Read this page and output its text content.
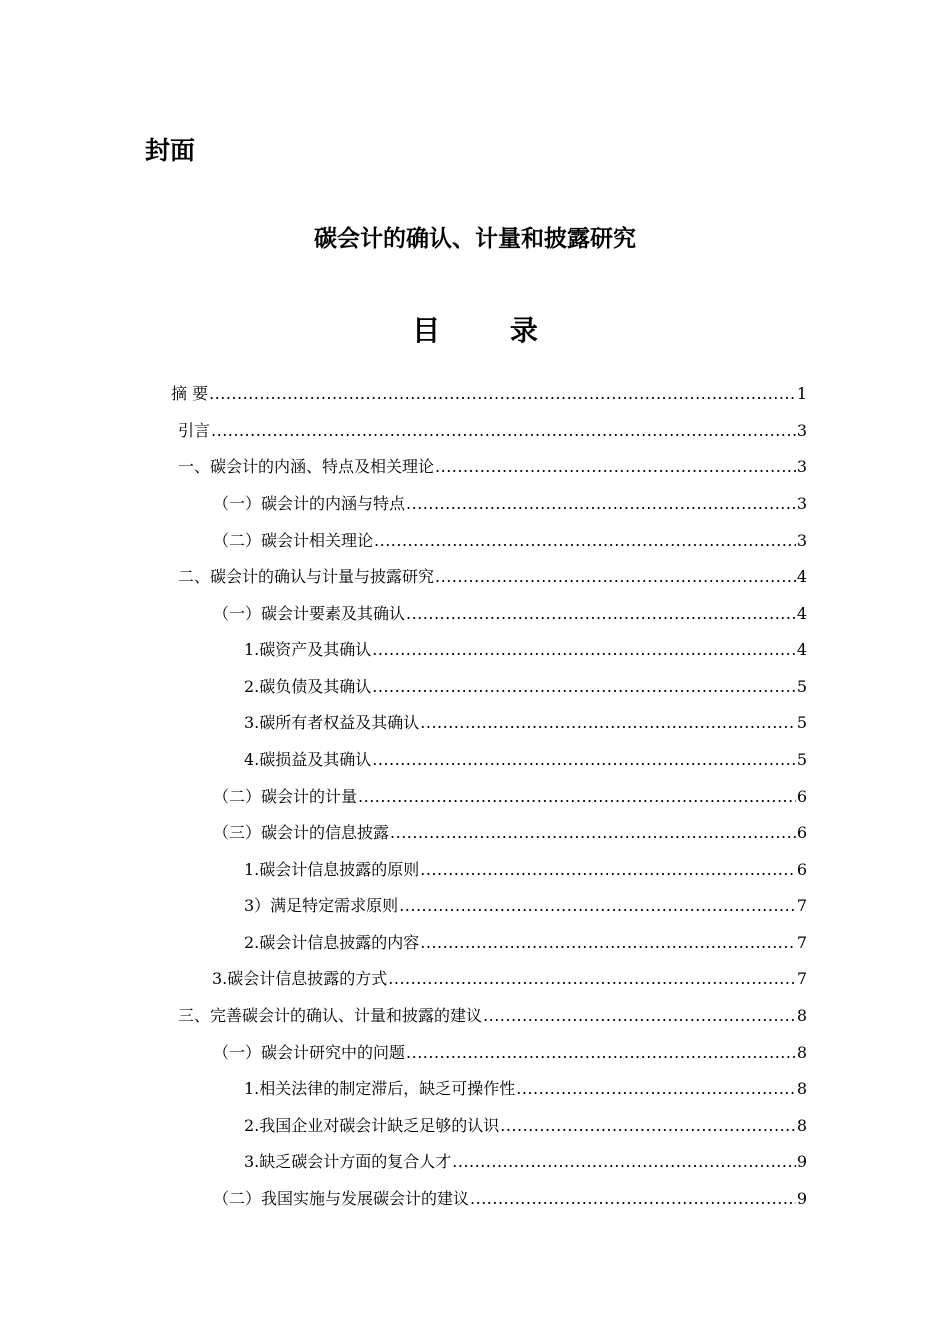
封面
碳会计的确认、计量和披露研究
目 录
摘 要 .....	1
引言 .....	3
一、碳会计的内涵、特点及相关理论 .....	3
（一）碳会计的内涵与特点 .....	3
（二）碳会计相关理论 .....	3
二、碳会计的确认与计量与披露研究 .....	4
（一）碳会计要素及其确认 .....	4
1.碳资产及其确认 .....	4
2.碳负债及其确认 .....	5
3.碳所有者权益及其确认 .....	5
4.碳损益及其确认 .....	5
（二）碳会计的计量 .....	6
（三）碳会计的信息披露 .....	6
1.碳会计信息披露的原则 .....	6
3）满足特定需求原则 .....	7
2.碳会计信息披露的内容 .....	7
3.碳会计信息披露的方式 .....	7
三、完善碳会计的确认、计量和披露的建议 .....	8
（一）碳会计研究中的问题 .....	8
1.相关法律的制定滞后，缺乏可操作性 .....	8
2.我国企业对碳会计缺乏足够的认识 .....	8
3.缺乏碳会计方面的复合人才 .....	9
（二）我国实施与发展碳会计的建议 .....	9
